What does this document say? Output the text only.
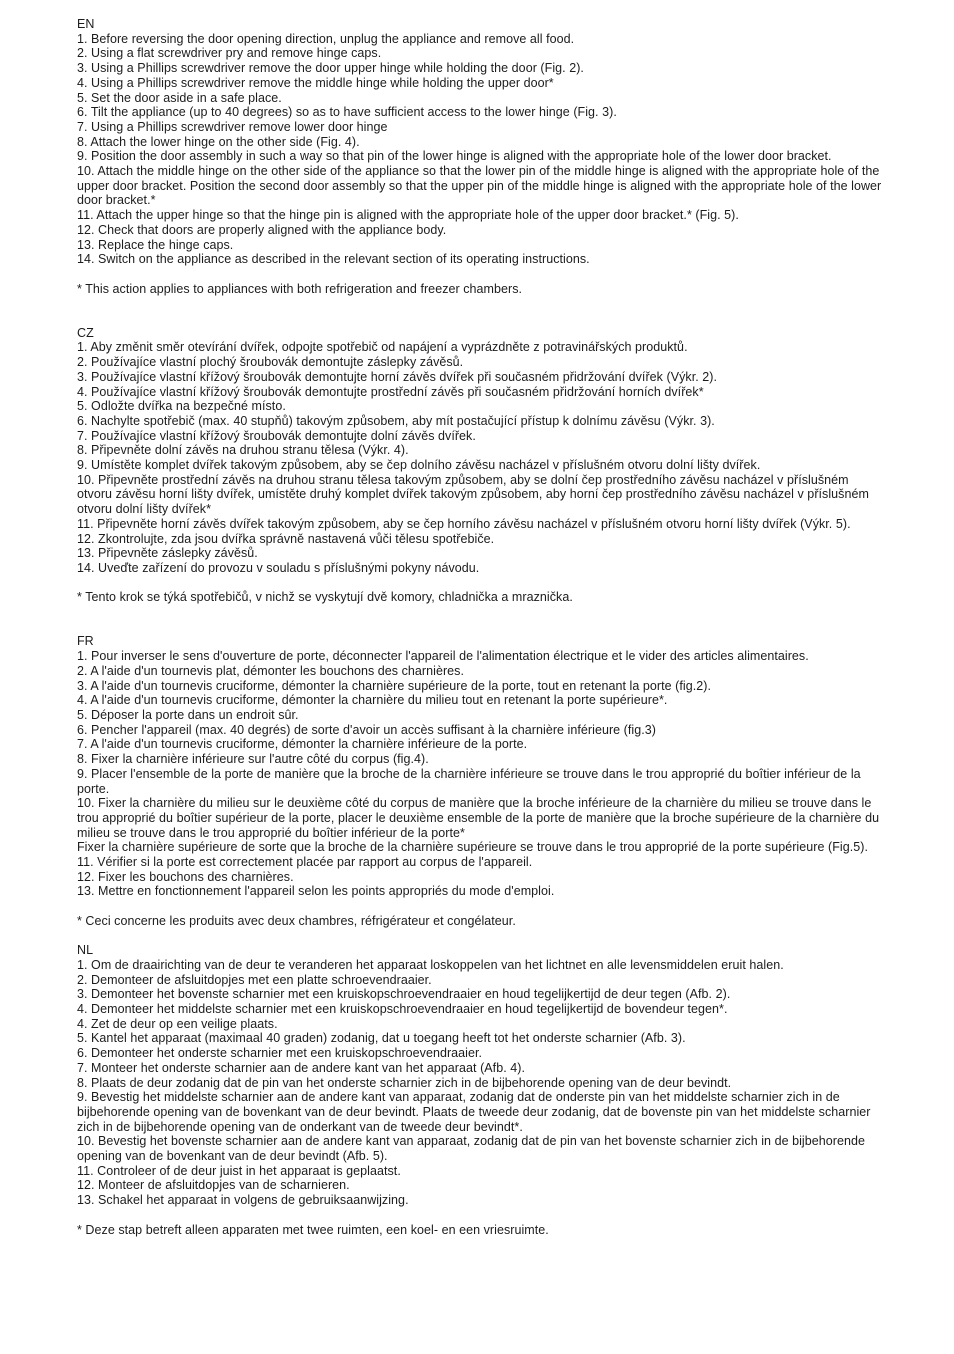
EN

1. Before reversing the door opening direction, unplug the appliance and remove all food.

2. Using a flat screwdriver pry and remove hinge caps.

3. Using a Phillips screwdriver remove the door upper hinge while holding the door (Fig. 2).

4. Using a Phillips screwdriver remove the middle hinge while holding the upper door*

5. Set the door aside in a safe place.

6. Tilt the appliance (up to 40 degrees) so as to have sufficient access to the lower hinge (Fig. 3).

7. Using a Phillips screwdriver remove lower door hinge

8. Attach the lower hinge on the other side (Fig. 4).

9. Position the door assembly in such a way so that pin of the lower hinge is aligned with the appropriate hole of the lower door bracket.

10. Attach the middle hinge on the other side of the appliance so that the lower pin of the middle hinge is aligned with the appropriate hole of the upper door bracket. Position the second door assembly so that the upper pin of the middle hinge is aligned with the appropriate hole of the lower door bracket.*

11. Attach the upper hinge so that the hinge pin is aligned with the appropriate hole of the upper door bracket.* (Fig. 5).

12. Check that doors are properly aligned with the appliance body.

13. Replace the hinge caps.

14. Switch on the appliance as described in the relevant section of its operating instructions.

* This action applies to appliances with both refrigeration and freezer chambers.

CZ

1. Aby změnit směr otevírání dvířek, odpojte spotřebič od napájení a vyprázdněte z potravinářských produktů.

2. Používajíce vlastní plochý šroubovák demontujte záslepky závěsů.

3. Používajíce vlastní křížový šroubovák demontujte horní závěs dvířek při současném přidržování dvířek (Výkr. 2).

4. Používajíce vlastní křížový šroubovák demontujte prostřední závěs při současném přidržování horních dvířek*

5. Odložte dvířka na bezpečné místo.

6. Nachylte spotřebič (max. 40 stupňů) takovým způsobem, aby mít postačující přístup k dolnímu závěsu (Výkr. 3).

7. Používajíce vlastní křížový šroubovák demontujte dolní závěs dvířek.

8. Připevněte dolní závěs na druhou stranu tělesa (Výkr. 4).

9. Umístěte komplet dvířek takovým způsobem, aby se čep dolního závěsu nacházel v příslušném otvoru dolní lišty dvířek.

10. Připevněte prostřední závěs na druhou stranu tělesa takovým způsobem, aby se dolní čep prostředního závěsu nacházel v příslušném otvoru závěsu horní lišty dvířek, umístěte druhý komplet dvířek takovým způsobem, aby horní čep prostředního závěsu nacházel v příslušném otvoru dolní lišty dvířek*

11. Připevněte horní závěs dvířek takovým způsobem, aby se čep horního závěsu nacházel v příslušném otvoru horní lišty dvířek (Výkr. 5).

12. Zkontrolujte, zda jsou dvířka správně nastavená vůči tělesu spotřebiče.

13. Připevněte záslepky závěsů.

14. Uveďte zařízení do provozu v souladu s příslušnými pokyny návodu.

* Tento krok se týká spotřebičů, v nichž se vyskytují dvě komory, chladnička a mraznička.

FR

1. Pour inverser le sens d'ouverture de porte, déconnecter l'appareil de l'alimentation électrique et le vider des articles alimentaires.

2. A l'aide d'un tournevis plat, démonter les bouchons des charnières.

3. A l'aide d'un tournevis cruciforme, démonter la charnière supérieure de la porte, tout en retenant la porte (fig.2).

4. A l'aide d'un tournevis cruciforme, démonter la charnière du milieu tout en retenant la porte supérieure*.

5. Déposer la porte dans un endroit sûr.

6. Pencher l'appareil (max. 40 degrés) de sorte d'avoir un accès suffisant à la charnière inférieure (fig.3)

7. A l'aide d'un tournevis cruciforme, démonter la charnière inférieure de la porte.

8. Fixer la charnière inférieure sur l'autre côté du corpus (fig.4).

9. Placer l'ensemble de la porte de manière que la broche de la charnière inférieure se trouve dans le trou approprié du boîtier inférieur de la porte.

10. Fixer la charnière du milieu sur le deuxième côté du corpus de manière que la broche inférieure de la charnière du milieu se trouve dans le trou approprié du boîtier supérieur de la porte, placer le deuxième ensemble de la porte de manière que la broche supérieure de la charnière du milieu se trouve dans le trou approprié du boîtier inférieur de la porte*

Fixer la charnière supérieure de sorte que la broche de la charnière supérieure se trouve dans le trou approprié de la porte supérieure (Fig.5).

11. Vérifier si la porte est correctement placée par rapport au corpus de l'appareil.

12. Fixer les bouchons des charnières.

13. Mettre en fonctionnement l'appareil selon les points appropriés du mode d'emploi.

* Ceci concerne les produits avec deux chambres, réfrigérateur et congélateur.

NL

1. Om de draairichting van de deur te veranderen het apparaat loskoppelen van het lichtnet en alle levensmiddelen eruit halen.

2. Demonteer de afsluitdopjes met een platte schroevendraaier.

3. Demonteer het bovenste scharnier met een kruiskopschroevendraaier en houd tegelijkertijd de deur tegen (Afb. 2).

4. Demonteer het middelste scharnier met een kruiskopschroevendraaier en houd tegelijkertijd de bovendeur tegen*.

4. Zet de deur op een veilige plaats.

5. Kantel het apparaat (maximaal 40 graden) zodanig, dat u toegang heeft tot het onderste scharnier (Afb. 3).

6. Demonteer het onderste scharnier met een kruiskopschroevendraaier.

7. Monteer het onderste scharnier aan de andere kant van het apparaat (Afb. 4).

8. Plaats de deur zodanig dat de pin van het onderste scharnier zich in de bijbehorende opening van de deur bevindt.

9. Bevestig het middelste scharnier aan de andere kant van apparaat, zodanig dat de onderste pin van het middelste scharnier zich in de bijbehorende opening van de bovenkant van de deur bevindt. Plaats de tweede deur zodanig, dat de bovenste pin van het middelste scharnier zich in de bijbehorende opening van de onderkant van de tweede deur bevindt*.

10. Bevestig het bovenste scharnier aan de andere kant van apparaat, zodanig dat de pin van het bovenste scharnier zich in de bijbehorende opening van de bovenkant van de deur bevindt (Afb. 5).

11. Controleer of de deur juist in het apparaat is geplaatst.

12. Monteer de afsluitdopjes van de scharnieren.

13. Schakel het apparaat in volgens de gebruiksaanwijzing.

* Deze stap betreft alleen apparaten met twee ruimten, een koel- en een vriesruimte.
